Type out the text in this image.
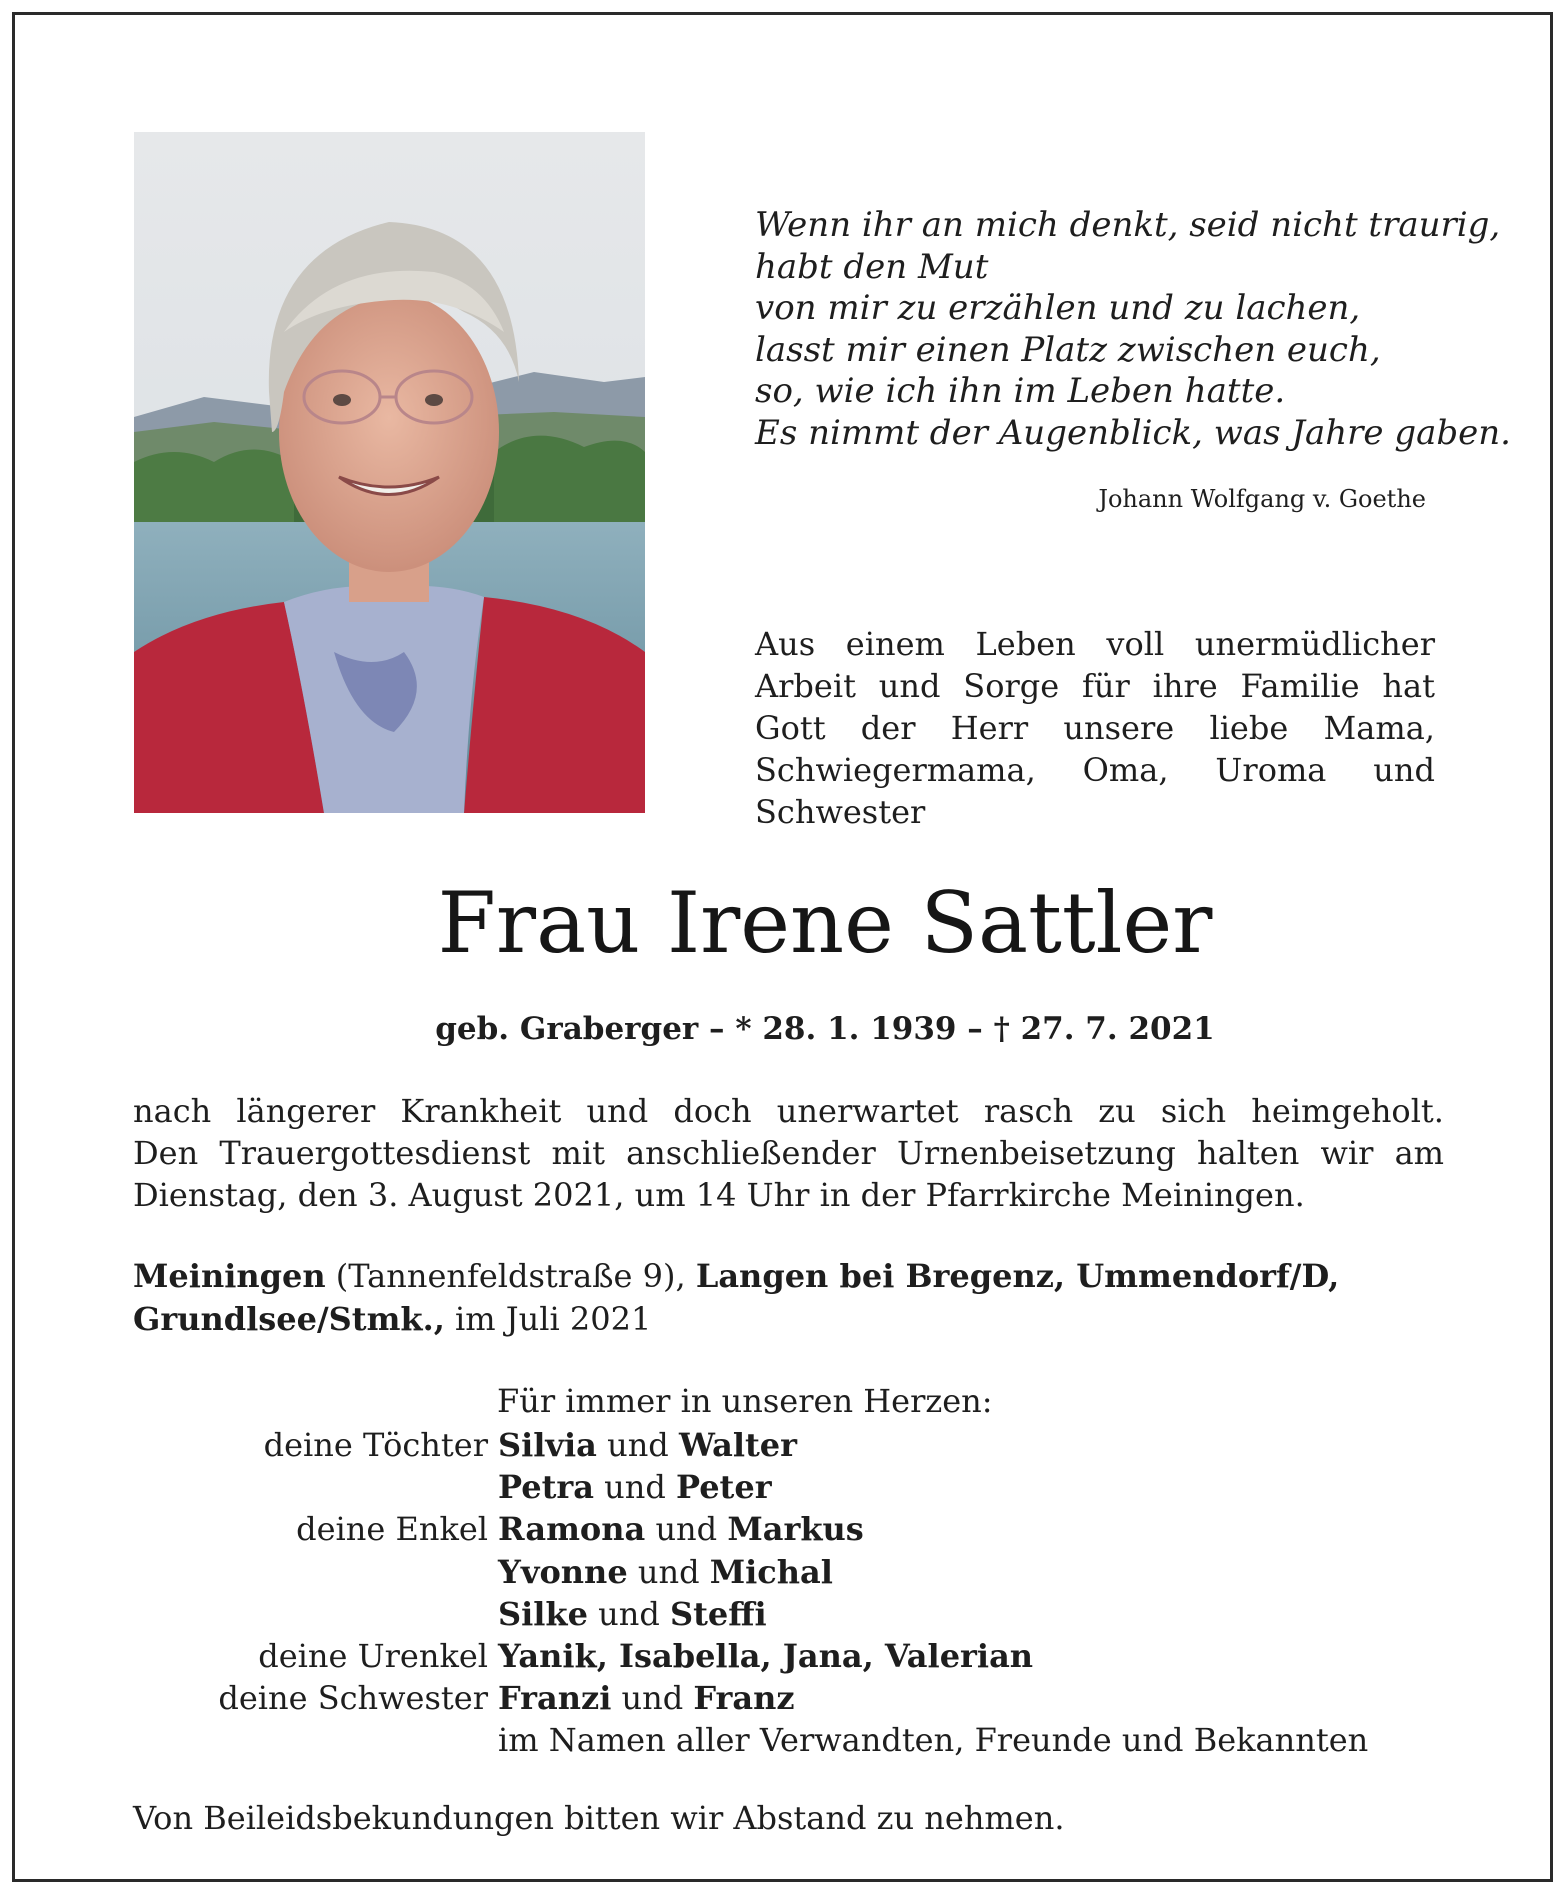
Wenn ihr an mich denkt, seid nicht traurig,
habt den Mut
von mir zu erzählen und zu lachen,
lasst mir einen Platz zwischen euch,
so, wie ich ihn im Leben hatte.
Es nimmt der Augenblick, was Jahre gaben.
Johann Wolfgang v. Goethe
Aus einem Leben voll unermüdlicher
Arbeit und Sorge für ihre Familie hat
Gott der Herr unsere liebe Mama,
Schwiegermama, Oma, Uroma und
Schwester
Frau Irene Sattler
geb. Graberger – * 28. 1. 1939 – † 27. 7. 2021
nach längerer Krankheit und doch unerwartet rasch zu sich heimgeholt.
Den Trauergottesdienst mit anschließender Urnenbeisetzung halten wir am
Dienstag, den 3. August 2021, um 14 Uhr in der Pfarrkirche Meiningen.
Meiningen (Tannenfeldstraße 9), Langen bei Bregenz, Ummendorf/D,
Grundlsee/Stmk., im Juli 2021
Für immer in unseren Herzen:
deine Töchter Silvia und Walter
Petra und Peter
deine Enkel Ramona und Markus
Yvonne und Michal
Silke und Steffi
deine Urenkel Yanik, Isabella, Jana, Valerian
deine Schwester Franzi und Franz
im Namen aller Verwandten, Freunde und Bekannten
Von Beileidsbekundungen bitten wir Abstand zu nehmen.
